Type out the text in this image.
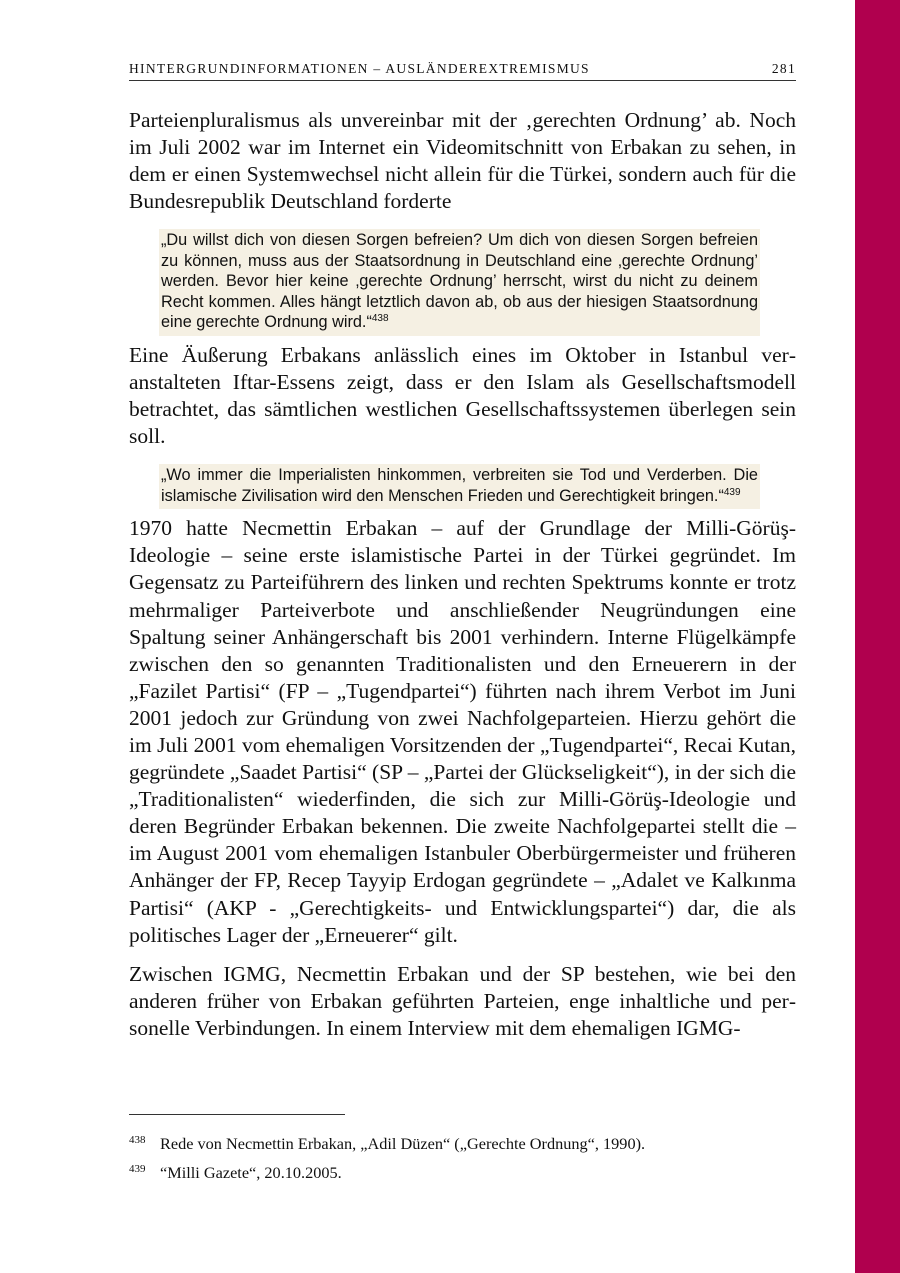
HINTERGRUNDINFORMATIONEN – AUSLÄNDEREXTREMISMUS	281

Parteienpluralismus als unvereinbar mit der ‚gerechten Ordnung’ ab. Noch im Juli 2002 war im Internet ein Videomitschnitt von Erbakan zu sehen, in dem er einen Systemwechsel nicht allein für die Türkei, sondern auch für die Bundesrepublik Deutschland forderte

„Du willst dich von diesen Sorgen befreien? Um dich von diesen Sorgen befreien zu können, muss aus der Staatsordnung in Deutschland eine ‚gerechte Ordnung’ werden. Bevor hier keine ‚gerechte Ordnung’ herrscht, wirst du nicht zu deinem Recht kommen. Alles hängt letztlich davon ab, ob aus der hiesigen Staatsordnung eine gerechte Ordnung wird.“$^{438}$

Eine Äußerung Erbakans anlässlich eines im Oktober in Istanbul veranstalteten Iftar-Essens zeigt, dass er den Islam als Gesellschaftsmodell betrachtet, das sämtlichen westlichen Gesellschaftssystemen überlegen sein soll.

„Wo immer die Imperialisten hinkommen, verbreiten sie Tod und Verderben. Die islamische Zivilisation wird den Menschen Frieden und Gerechtigkeit bringen.“$^{439}$

1970 hatte Necmettin Erbakan – auf der Grundlage der Milli-Görüş-Ideologie – seine erste islamistische Partei in der Türkei gegründet. Im Gegensatz zu Parteiführern des linken und rechten Spektrums konnte er trotz mehrmaliger Parteiverbote und anschließender Neugründungen eine Spaltung seiner Anhängerschaft bis 2001 verhindern. Interne Flügelkämpfe zwischen den so genannten Traditionalisten und den Erneuerern in der „Fazilet Partisi“ (FP – „Tugendpartei“) führten nach ihrem Verbot im Juni 2001 jedoch zur Gründung von zwei Nachfolgeparteien. Hierzu gehört die im Juli 2001 vom ehemaligen Vorsitzenden der „Tugendpartei“, Recai Kutan, gegründete „Saadet Partisi“ (SP – „Partei der Glückseligkeit“), in der sich die „Traditionalisten“ wiederfinden, die sich zur Milli-Görüş-Ideologie und deren Begründer Erbakan bekennen. Die zweite Nachfolgepartei stellt die – im August 2001 vom ehemaligen Istanbuler Oberbürgermeister und früheren Anhänger der FP, Recep Tayyip Erdogan gegründete – „Adalet ve Kalkınma Partisi“ (AKP - „Gerechtigkeits- und Entwicklungspartei“) dar, die als politisches Lager der „Erneuerer“ gilt.

Zwischen IGMG, Necmettin Erbakan und der SP bestehen, wie bei den anderen früher von Erbakan geführten Parteien, enge inhaltliche und personelle Verbindungen. In einem Interview mit dem ehemaligen IGMG-

438 Rede von Necmettin Erbakan, „Adil Düzen“ („Gerechte Ordnung“, 1990).
439 “Milli Gazete“, 20.10.2005.
